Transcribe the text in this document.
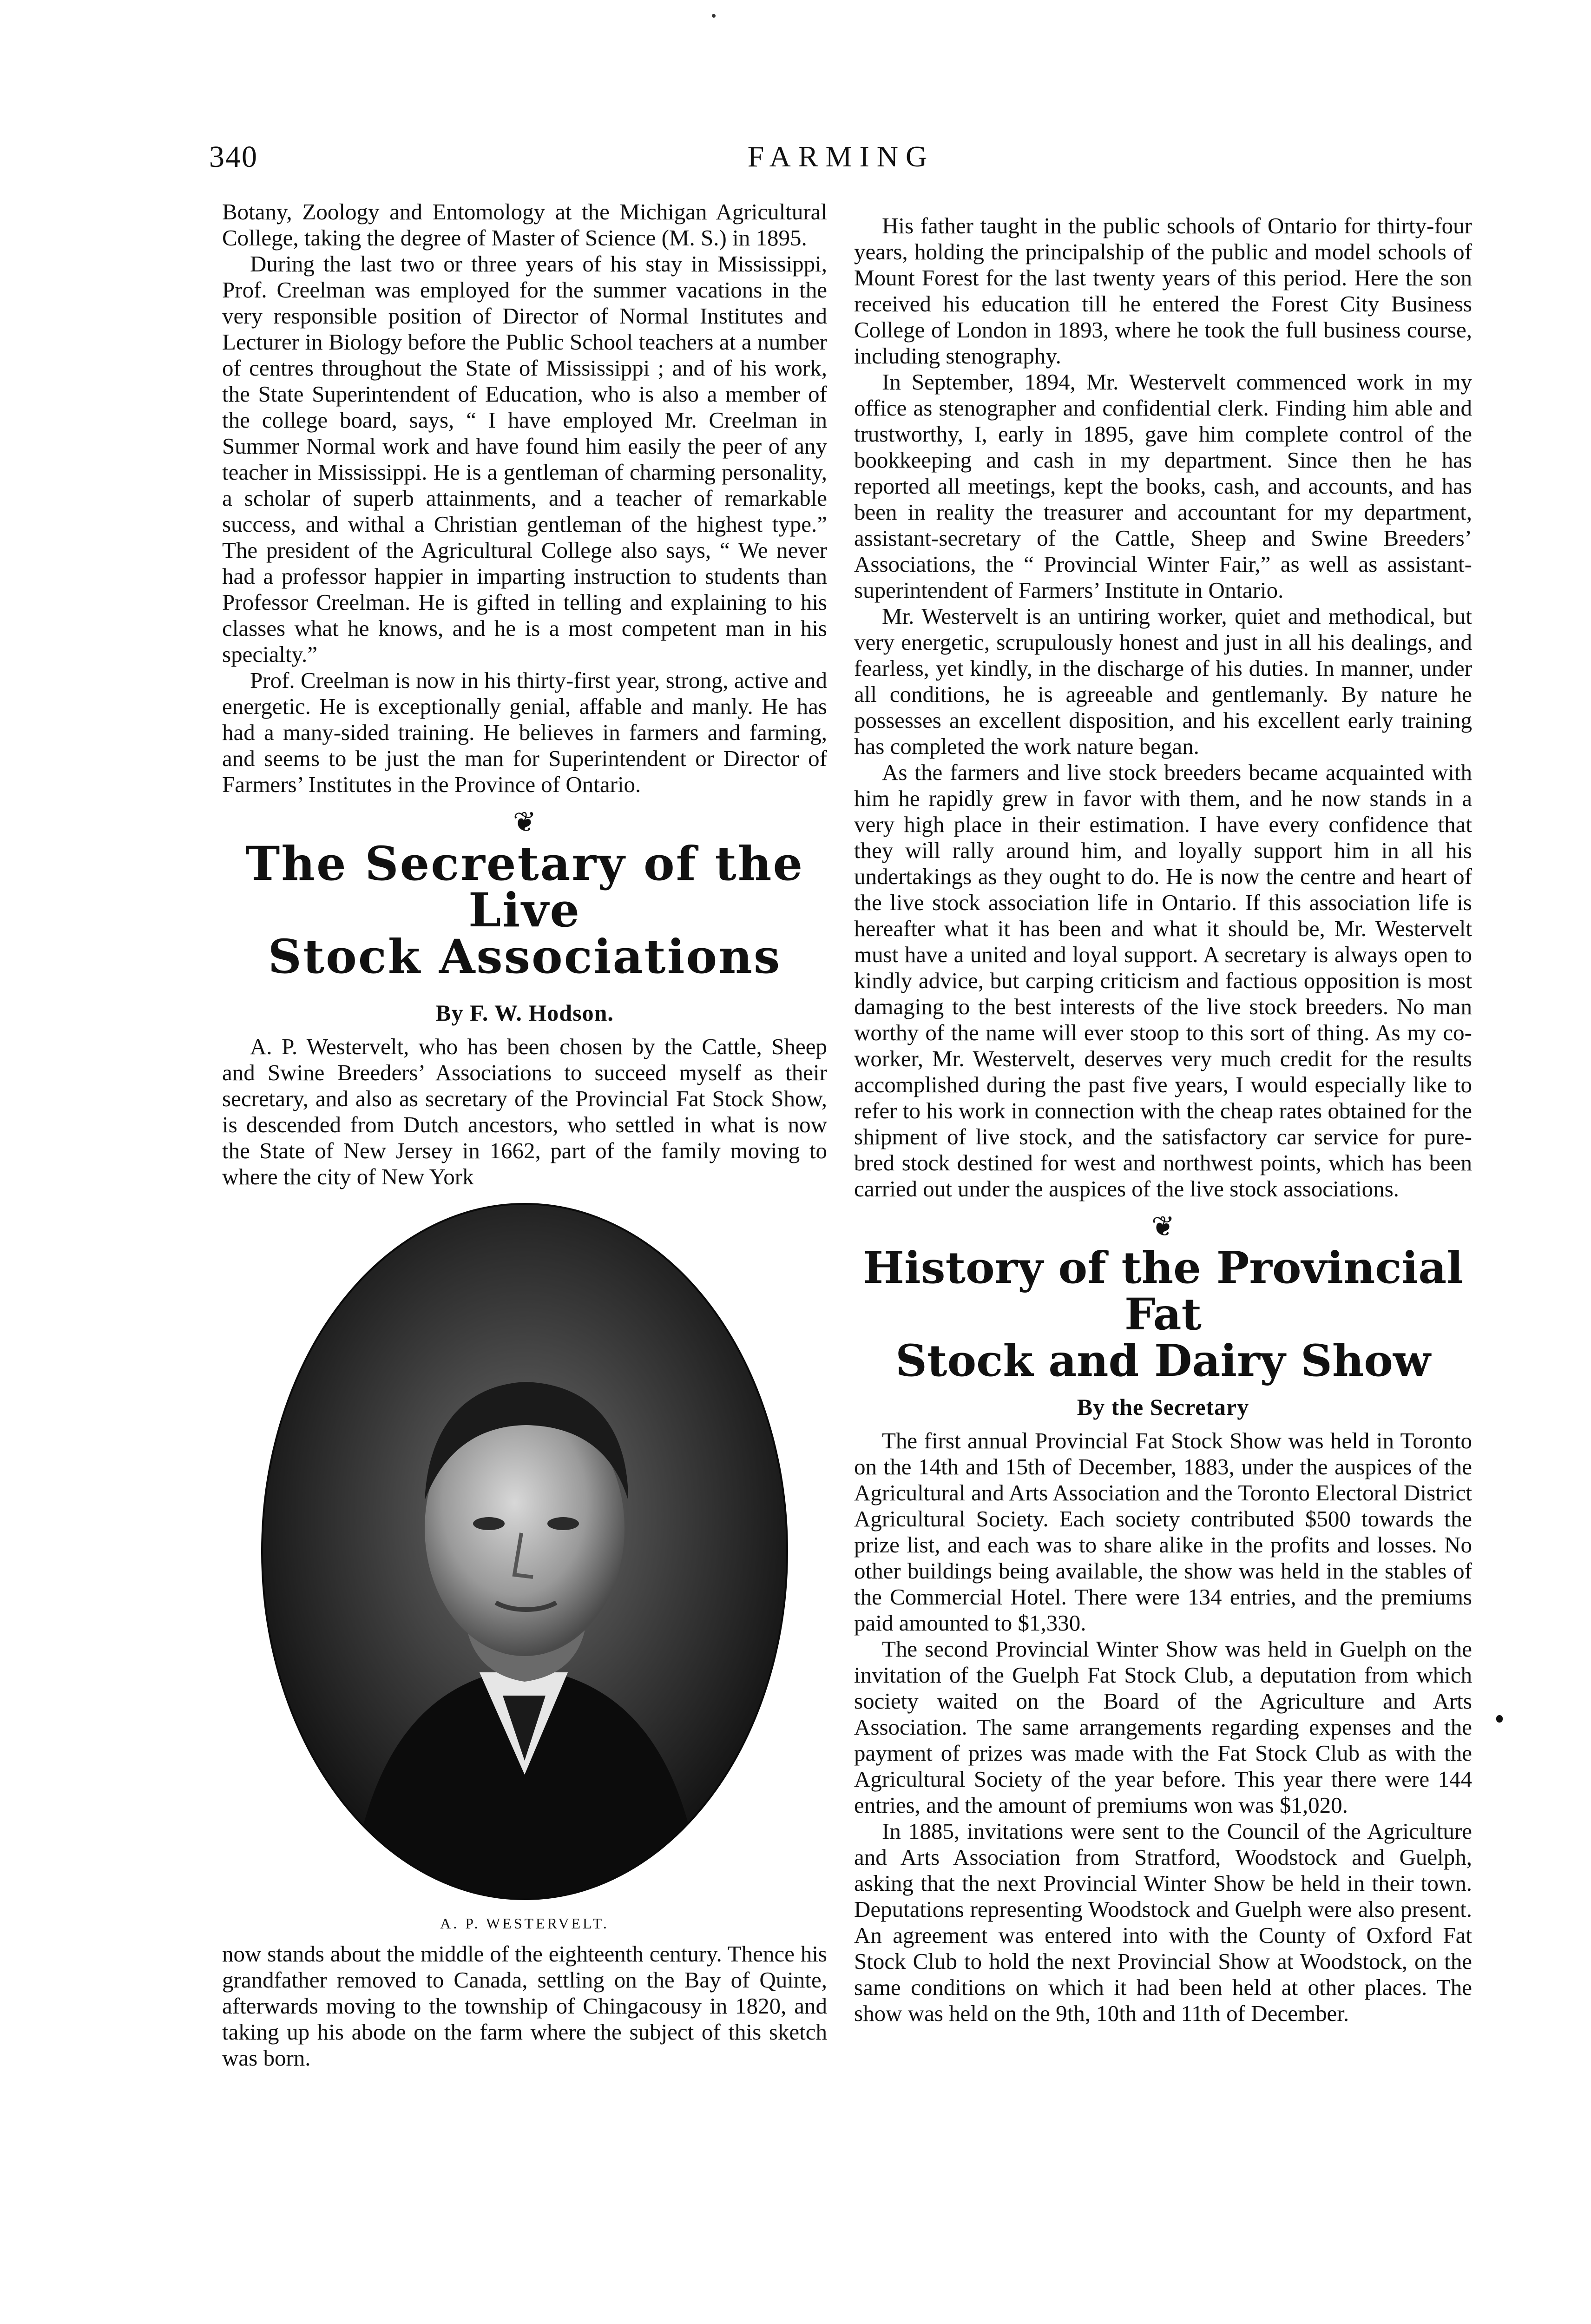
340	FARMING

Botany, Zoology and Entomology at the Michigan Agricultural College, taking the degree of Master of Science (M. S.) in 1895.

During the last two or three years of his stay in Mississippi, Prof. Creelman was employed for the summer vacations in the very responsible position of Director of Normal Institutes and Lecturer in Biology before the Public School teachers at a number of centres throughout the State of Mississippi ; and of his work, the State Superintendent of Education, who is also a member of the college board, says, “ I have employed Mr. Creelman in Summer Normal work and have found him easily the peer of any teacher in Mississippi. He is a gentleman of charming personality, a scholar of superb attainments, and a teacher of remarkable success, and withal a Christian gentleman of the highest type.” The president of the Agricultural College also says, “ We never had a professor happier in imparting instruction to students than Professor Creelman. He is gifted in telling and explaining to his classes what he knows, and he is a most competent man in his specialty.”

Prof. Creelman is now in his thirty-first year, strong, active and energetic. He is exceptionally genial, affable and manly. He has had a many-sided training. He believes in farmers and farming, and seems to be just the man for Superintendent or Director of Farmers’ Institutes in the Province of Ontario.

❦
The Secretary of the Live
Stock Associations
By F. W. Hodson.

A. P. Westervelt, who has been chosen by the Cattle, Sheep and Swine Breeders’ Associations to succeed myself as their secretary, and also as secretary of the Provincial Fat Stock Show, is descended from Dutch ancestors, who settled in what is now the State of New Jersey in 1662, part of the family moving to where the city of New York

A. P. WESTERVELT.

now stands about the middle of the eighteenth century. Thence his grandfather removed to Canada, settling on the Bay of Quinte, afterwards moving to the township of Chingacousy in 1820, and taking up his abode on the farm where the subject of this sketch was born.

His father taught in the public schools of Ontario for thirty-four years, holding the principalship of the public and model schools of Mount Forest for the last twenty years of this period. Here the son received his education till he entered the Forest City Business College of London in 1893, where he took the full business course, including stenography.

In September, 1894, Mr. Westervelt commenced work in my office as stenographer and confidential clerk. Finding him able and trustworthy, I, early in 1895, gave him complete control of the bookkeeping and cash in my department. Since then he has reported all meetings, kept the books, cash, and accounts, and has been in reality the treasurer and accountant for my department, assistant-secretary of the Cattle, Sheep and Swine Breeders’ Associations, the “ Provincial Winter Fair,” as well as assistant-superintendent of Farmers’ Institute in Ontario.

Mr. Westervelt is an untiring worker, quiet and methodical, but very energetic, scrupulously honest and just in all his dealings, and fearless, yet kindly, in the discharge of his duties. In manner, under all conditions, he is agreeable and gentlemanly. By nature he possesses an excellent disposition, and his excellent early training has completed the work nature began.

As the farmers and live stock breeders became acquainted with him he rapidly grew in favor with them, and he now stands in a very high place in their estimation. I have every confidence that they will rally around him, and loyally support him in all his undertakings as they ought to do. He is now the centre and heart of the live stock association life in Ontario. If this association life is hereafter what it has been and what it should be, Mr. Westervelt must have a united and loyal support. A secretary is always open to kindly advice, but carping criticism and factious opposition is most damaging to the best interests of the live stock breeders. No man worthy of the name will ever stoop to this sort of thing. As my co-worker, Mr. Westervelt, deserves very much credit for the results accomplished during the past five years, I would especially like to refer to his work in connection with the cheap rates obtained for the shipment of live stock, and the satisfactory car service for pure-bred stock destined for west and northwest points, which has been carried out under the auspices of the live stock associations.

❦
History of the Provincial Fat
Stock and Dairy Show
By the Secretary

The first annual Provincial Fat Stock Show was held in Toronto on the 14th and 15th of December, 1883, under the auspices of the Agricultural and Arts Association and the Toronto Electoral District Agricultural Society. Each society contributed $500 towards the prize list, and each was to share alike in the profits and losses. No other buildings being available, the show was held in the stables of the Commercial Hotel. There were 134 entries, and the premiums paid amounted to $1,330.

The second Provincial Winter Show was held in Guelph on the invitation of the Guelph Fat Stock Club, a deputation from which society waited on the Board of the Agriculture and Arts Association. The same arrangements regarding expenses and the payment of prizes was made with the Fat Stock Club as with the Agricultural Society of the year before. This year there were 144 entries, and the amount of premiums won was $1,020.

In 1885, invitations were sent to the Council of the Agriculture and Arts Association from Stratford, Woodstock and Guelph, asking that the next Provincial Winter Show be held in their town. Deputations representing Woodstock and Guelph were also present. An agreement was entered into with the County of Oxford Fat Stock Club to hold the next Provincial Show at Woodstock, on the same conditions on which it had been held at other places. The show was held on the 9th, 10th and 11th of December.
